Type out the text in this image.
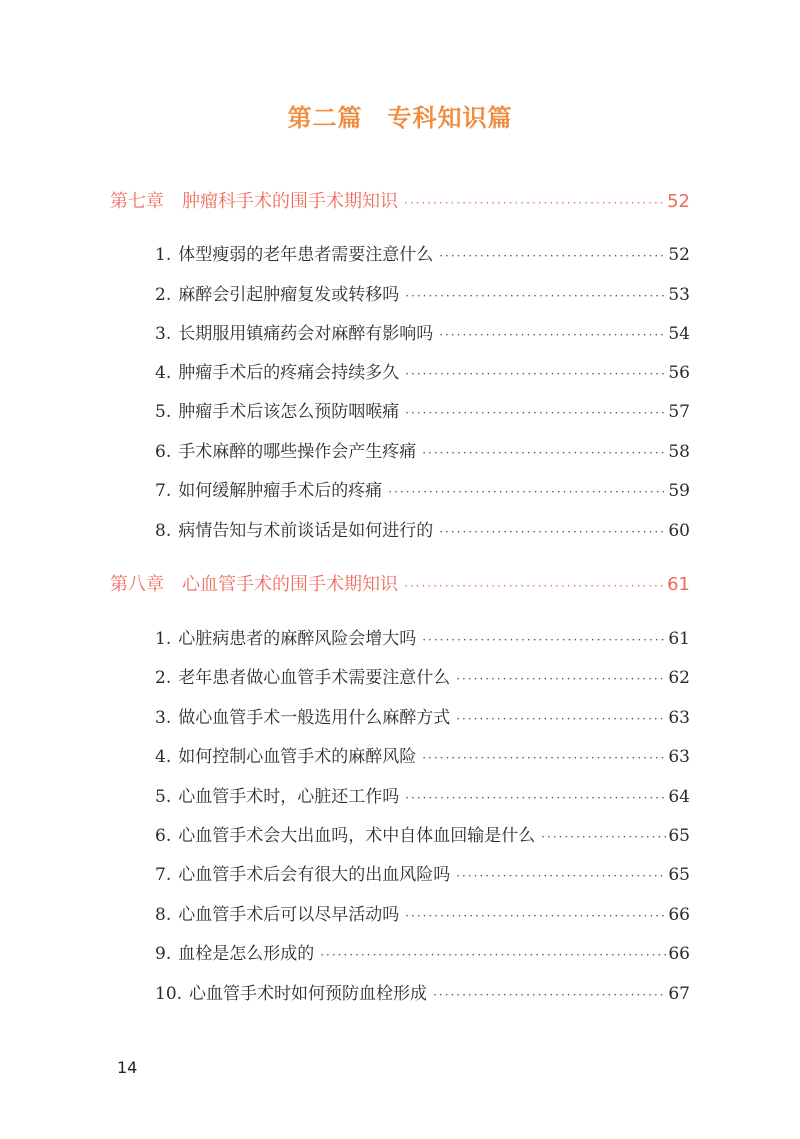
第二篇　专科知识篇
第七章　肿瘤科手术的围手术期知识 ·····	52
1. 体型瘦弱的老年患者需要注意什么 ·····	52
2. 麻醉会引起肿瘤复发或转移吗 ·····	53
3. 长期服用镇痛药会对麻醉有影响吗 ·····	54
4. 肿瘤手术后的疼痛会持续多久 ·····	56
5. 肿瘤手术后该怎么预防咽喉痛 ·····	57
6. 手术麻醉的哪些操作会产生疼痛 ·····	58
7. 如何缓解肿瘤手术后的疼痛 ·····	59
8. 病情告知与术前谈话是如何进行的 ·····	60
第八章　心血管手术的围手术期知识 ·····	61
1. 心脏病患者的麻醉风险会增大吗 ·····	61
2. 老年患者做心血管手术需要注意什么 ·····	62
3. 做心血管手术一般选用什么麻醉方式 ·····	63
4. 如何控制心血管手术的麻醉风险 ·····	63
5. 心血管手术时，心脏还工作吗 ·····	64
6. 心血管手术会大出血吗，术中自体血回输是什么 ·····	65
7. 心血管手术后会有很大的出血风险吗 ·····	65
8. 心血管手术后可以尽早活动吗 ·····	66
9. 血栓是怎么形成的 ·····	66
10. 心血管手术时如何预防血栓形成 ·····	67
14
